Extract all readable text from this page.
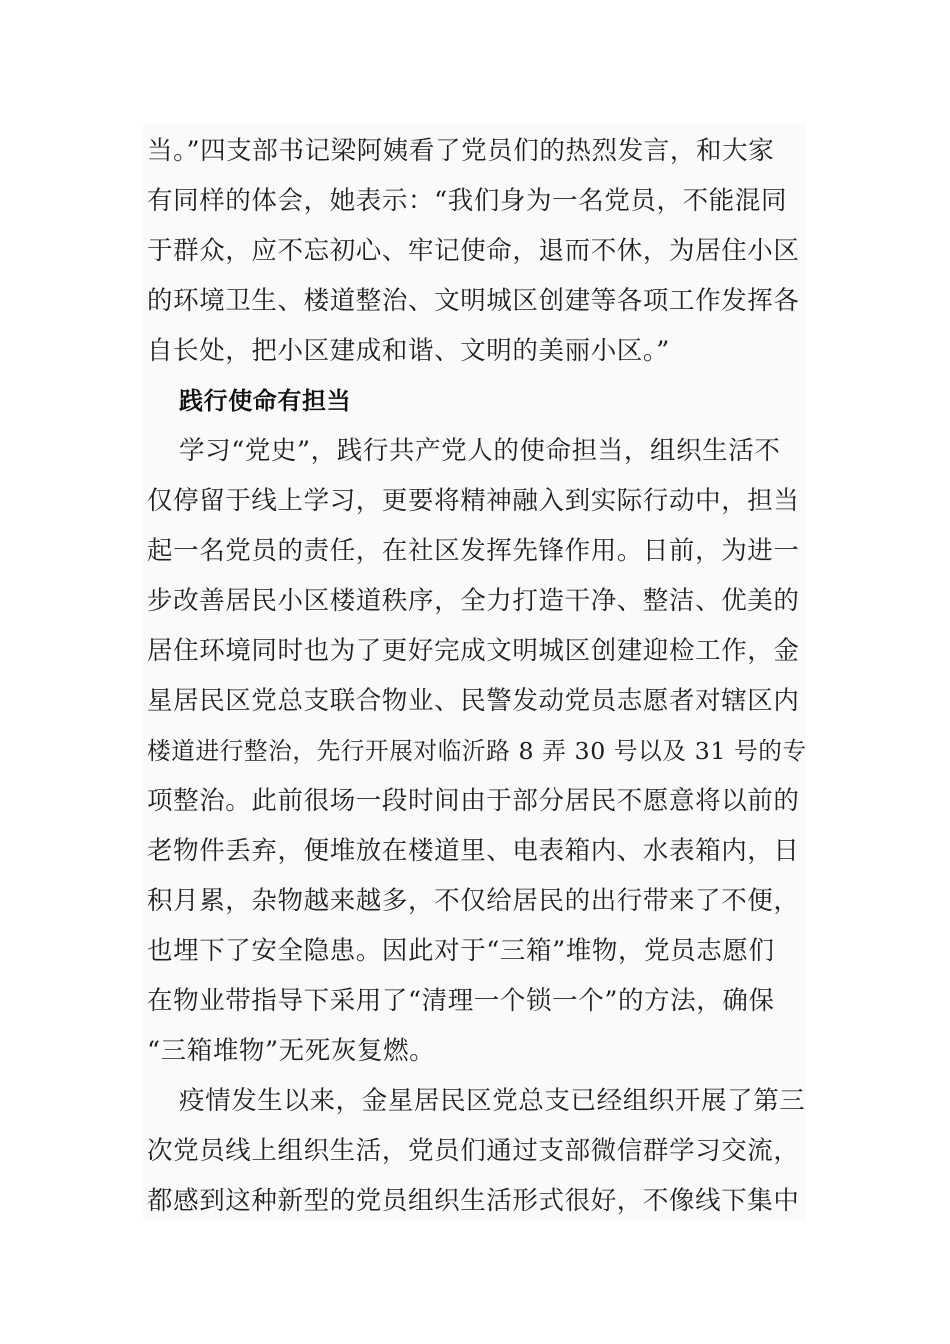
当。”四支部书记梁阿姨看了党员们的热烈发言，和大家
有同样的体会，她表示：“我们身为一名党员，不能混同
于群众，应不忘初心、牢记使命，退而不休，为居住小区
的环境卫生、楼道整治、文明城区创建等各项工作发挥各
自长处，把小区建成和谐、文明的美丽小区。”
践行使命有担当
学习“党史”，践行共产党人的使命担当，组织生活不
仅停留于线上学习，更要将精神融入到实际行动中，担当
起一名党员的责任，在社区发挥先锋作用。日前，为进一
步改善居民小区楼道秩序，全力打造干净、整洁、优美的
居住环境同时也为了更好完成文明城区创建迎检工作，金
星居民区党总支联合物业、民警发动党员志愿者对辖区内
楼道进行整治，先行开展对临沂路 8 弄 30 号以及 31 号的专
项整治。此前很场一段时间由于部分居民不愿意将以前的
老物件丢弃，便堆放在楼道里、电表箱内、水表箱内，日
积月累，杂物越来越多，不仅给居民的出行带来了不便，
也埋下了安全隐患。因此对于“三箱”堆物，党员志愿们
在物业带指导下采用了“清理一个锁一个”的方法，确保
“三箱堆物”无死灰复燃。
疫情发生以来，金星居民区党总支已经组织开展了第三
次党员线上组织生活，党员们通过支部微信群学习交流，
都感到这种新型的党员组织生活形式很好，不像线下集中
